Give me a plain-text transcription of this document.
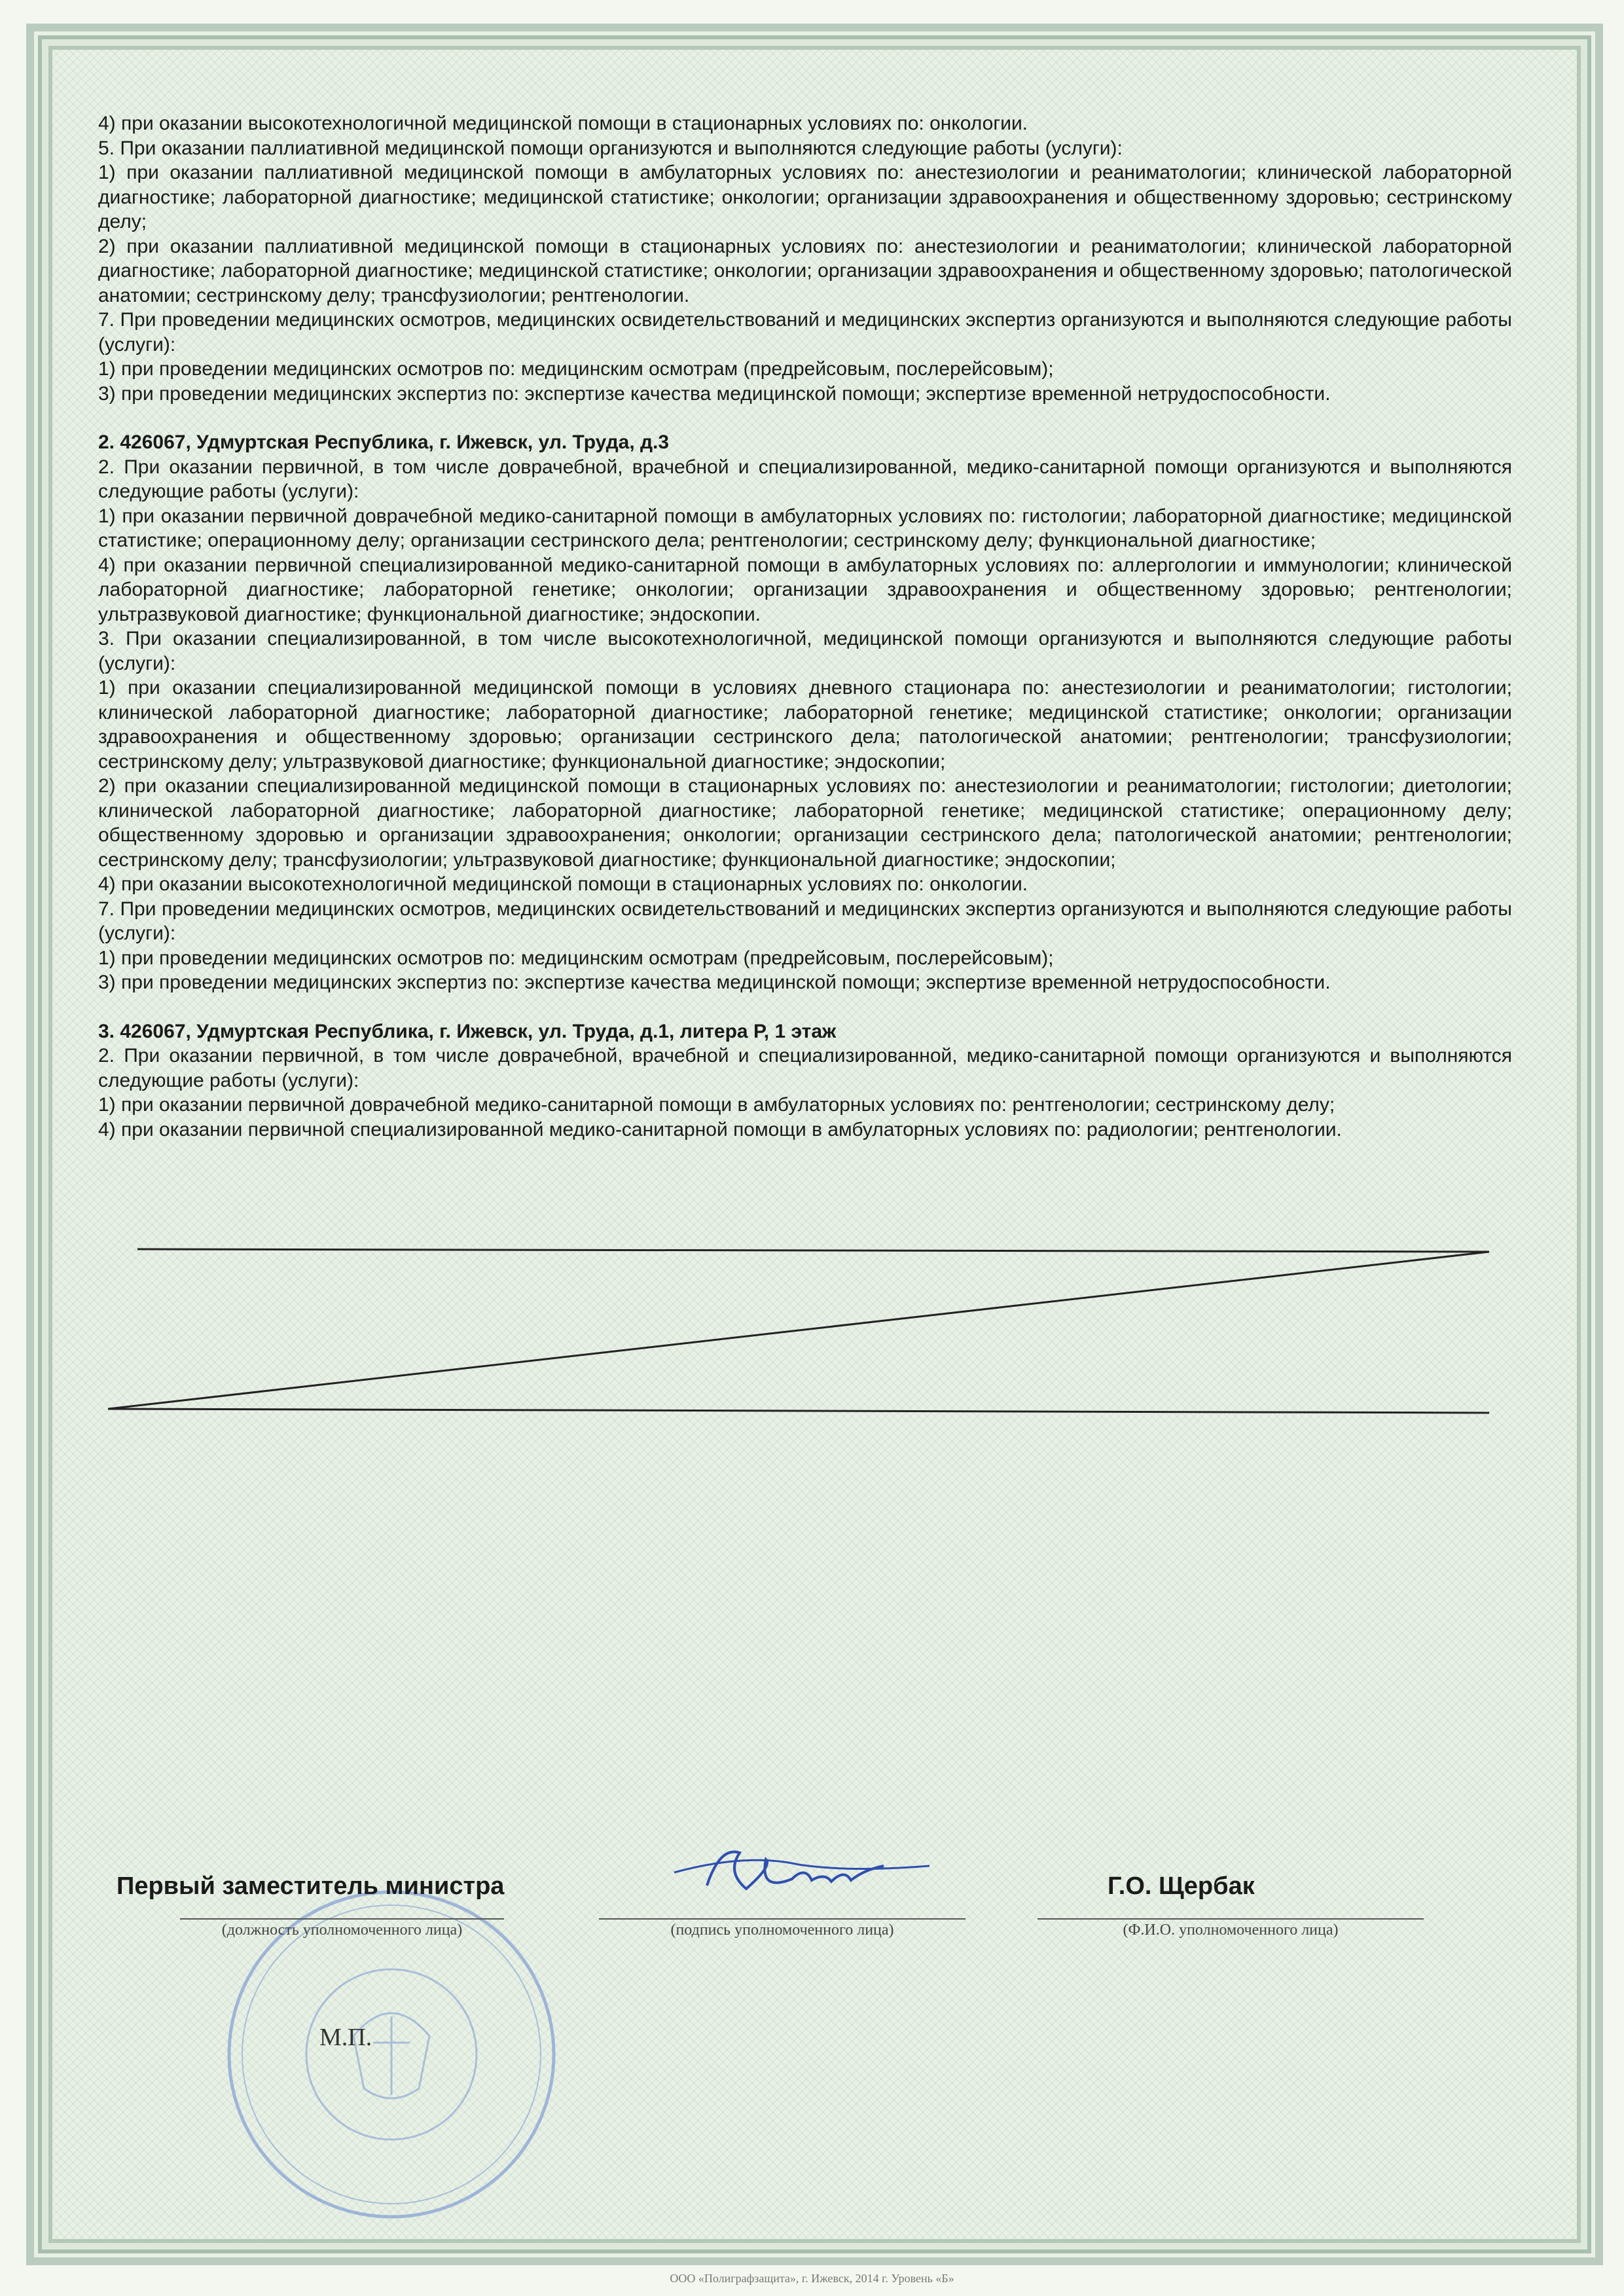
4) при оказании высокотехнологичной медицинской помощи в стационарных условиях по: онкологии.

5. При оказании паллиативной медицинской помощи организуются и выполняются следующие работы (услуги):

1) при оказании паллиативной медицинской помощи в амбулаторных условиях по: анестезиологии и реаниматологии; клинической лабораторной диагностике; лабораторной диагностике; медицинской статистике; онкологии; организации здравоохранения и общественному здоровью; сестринскому делу;

2) при оказании паллиативной медицинской помощи в стационарных условиях по: анестезиологии и реаниматологии; клинической лабораторной диагностике; лабораторной диагностике; медицинской статистике; онкологии; организации здравоохранения и общественному здоровью; патологической анатомии; сестринскому делу; трансфузиологии; рентгенологии.

7. При проведении медицинских осмотров, медицинских освидетельствований и медицинских экспертиз организуются и выполняются следующие работы (услуги):

1) при проведении медицинских осмотров по: медицинским осмотрам (предрейсовым, послерейсовым);

3) при проведении медицинских экспертиз по: экспертизе качества медицинской помощи; экспертизе временной нетрудоспособности.

2. 426067, Удмуртская Республика, г. Ижевск, ул. Труда, д.3

2. При оказании первичной, в том числе доврачебной, врачебной и специализированной, медико-санитарной помощи организуются и выполняются следующие работы (услуги):

1) при оказании первичной доврачебной медико-санитарной помощи в амбулаторных условиях по: гистологии; лабораторной диагностике; медицинской статистике; операционному делу; организации сестринского дела; рентгенологии; сестринскому делу; функциональной диагностике;

4) при оказании первичной специализированной медико-санитарной помощи в амбулаторных условиях по: аллергологии и иммунологии; клинической лабораторной диагностике; лабораторной генетике; онкологии; организации здравоохранения и общественному здоровью; рентгенологии; ультразвуковой диагностике; функциональной диагностике; эндоскопии.

3. При оказании специализированной, в том числе высокотехнологичной, медицинской помощи организуются и выполняются следующие работы (услуги):

1) при оказании специализированной медицинской помощи в условиях дневного стационара по: анестезиологии и реаниматологии; гистологии; клинической лабораторной диагностике; лабораторной диагностике; лабораторной генетике; медицинской статистике; онкологии; организации здравоохранения и общественному здоровью; организации сестринского дела; патологической анатомии; рентгенологии; трансфузиологии; сестринскому делу; ультразвуковой диагностике; функциональной диагностике; эндоскопии;

2) при оказании специализированной медицинской помощи в стационарных условиях по: анестезиологии и реаниматологии; гистологии; диетологии; клинической лабораторной диагностике; лабораторной диагностике; лабораторной генетике; медицинской статистике; операционному делу; общественному здоровью и организации здравоохранения; онкологии; организации сестринского дела; патологической анатомии; рентгенологии; сестринскому делу; трансфузиологии; ультразвуковой диагностике; функциональной диагностике; эндоскопии;

4) при оказании высокотехнологичной медицинской помощи в стационарных условиях по: онкологии.

7. При проведении медицинских осмотров, медицинских освидетельствований и медицинских экспертиз организуются и выполняются следующие работы (услуги):

1) при проведении медицинских осмотров по: медицинским осмотрам (предрейсовым, послерейсовым);

3) при проведении медицинских экспертиз по: экспертизе качества медицинской помощи; экспертизе временной нетрудоспособности.

3. 426067, Удмуртская Республика, г. Ижевск, ул. Труда, д.1, литера Р, 1 этаж

2. При оказании первичной, в том числе доврачебной, врачебной и специализированной, медико-санитарной помощи организуются и выполняются следующие работы (услуги):

1) при оказании первичной доврачебной медико-санитарной помощи в амбулаторных условиях по: рентгенологии; сестринскому делу;

4) при оказании первичной специализированной медико-санитарной помощи в амбулаторных условиях по: радиологии; рентгенологии.

Первый заместитель министра
(должность уполномоченного лица)	(подпись уполномоченного лица)
Г.О. Щербак
(Ф.И.О. уполномоченного лица)
М.П.
ООО «Полиграфзащита», г. Ижевск, 2014 г. Уровень «Б»
